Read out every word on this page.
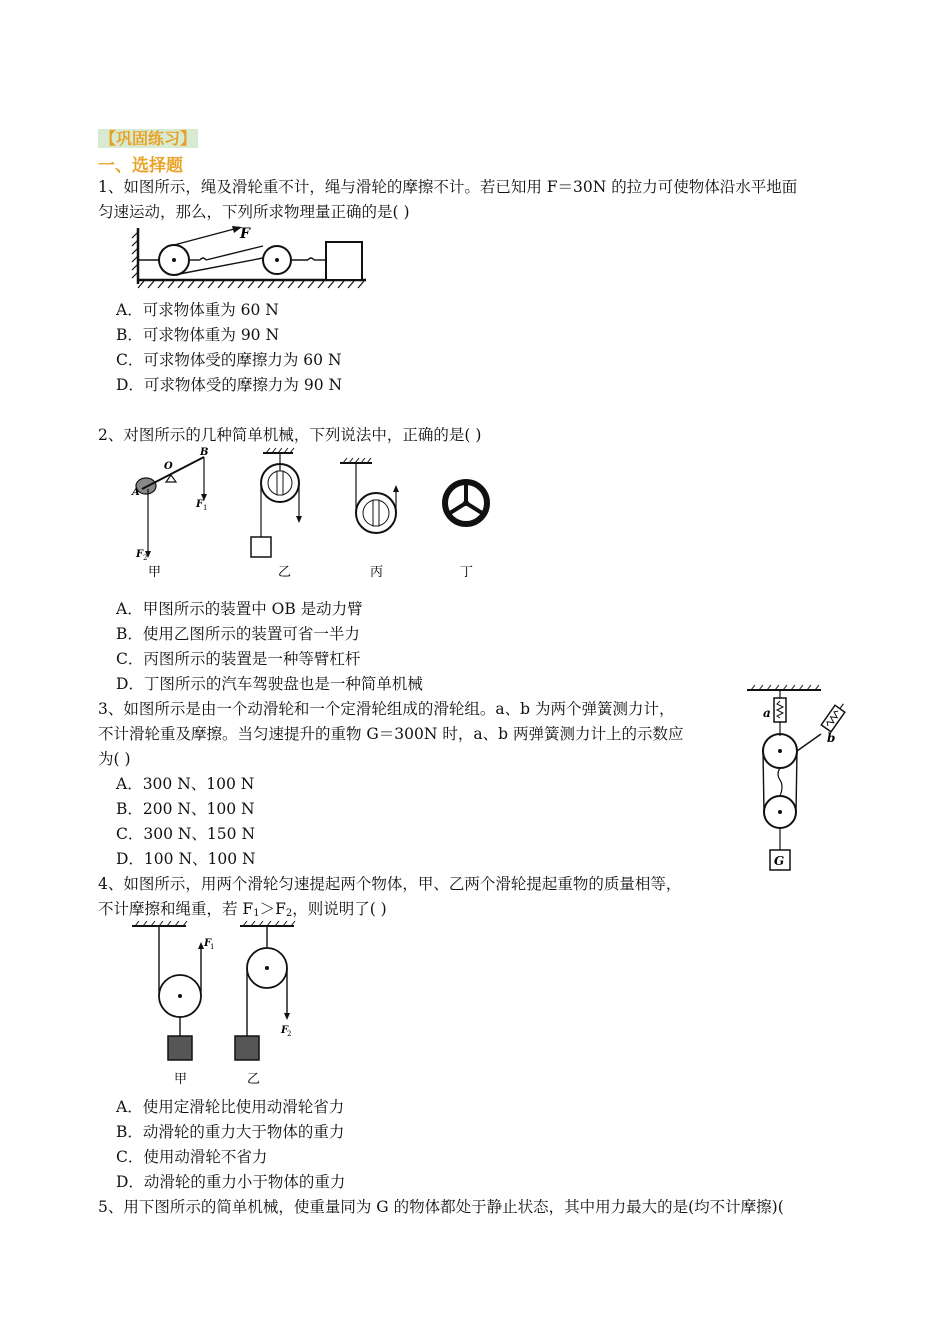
【巩固练习】
一、选择题
1、如图所示，绳及滑轮重不计，绳与滑轮的摩擦不计。若已知用 F＝30N 的拉力可使物体沿水平地面
匀速运动，那么，下列所求物理量正确的是( )
F
A．可求物体重为 60 N
B．可求物体重为 90 N
C．可求物体受的摩擦力为 60 N
D．可求物体受的摩擦力为 90 N
2、对图所示的几种简单机械，下列说法中，正确的是( )
A
O
B
F 1
F 2
甲	乙	丙	丁
A．甲图所示的装置中 OB 是动力臂
B．使用乙图所示的装置可省一半力
C．丙图所示的装置是一种等臂杠杆
D．丁图所示的汽车驾驶盘也是一种简单机械
3、如图所示是由一个动滑轮和一个定滑轮组成的滑轮组。a、b 为两个弹簧测力计，
不计滑轮重及摩擦。当匀速提升的重物 G＝300N 时，a、b 两弹簧测力计上的示数应
为( )
a
b
G
A．300 N、100 N
B．200 N、100 N
C．300 N、150 N
D．100 N、100 N
4、如图所示，用两个滑轮匀速提起两个物体，甲、乙两个滑轮提起重物的质量相等，
不计摩擦和绳重，若 $F_1>F_2$，则说明了( )
F
1
甲
F
2
乙
A．使用定滑轮比使用动滑轮省力
B．动滑轮的重力大于物体的重力
C．使用动滑轮不省力
D．动滑轮的重力小于物体的重力
5、用下图所示的简单机械，使重量同为 G 的物体都处于静止状态，其中用力最大的是(均不计摩擦)(
